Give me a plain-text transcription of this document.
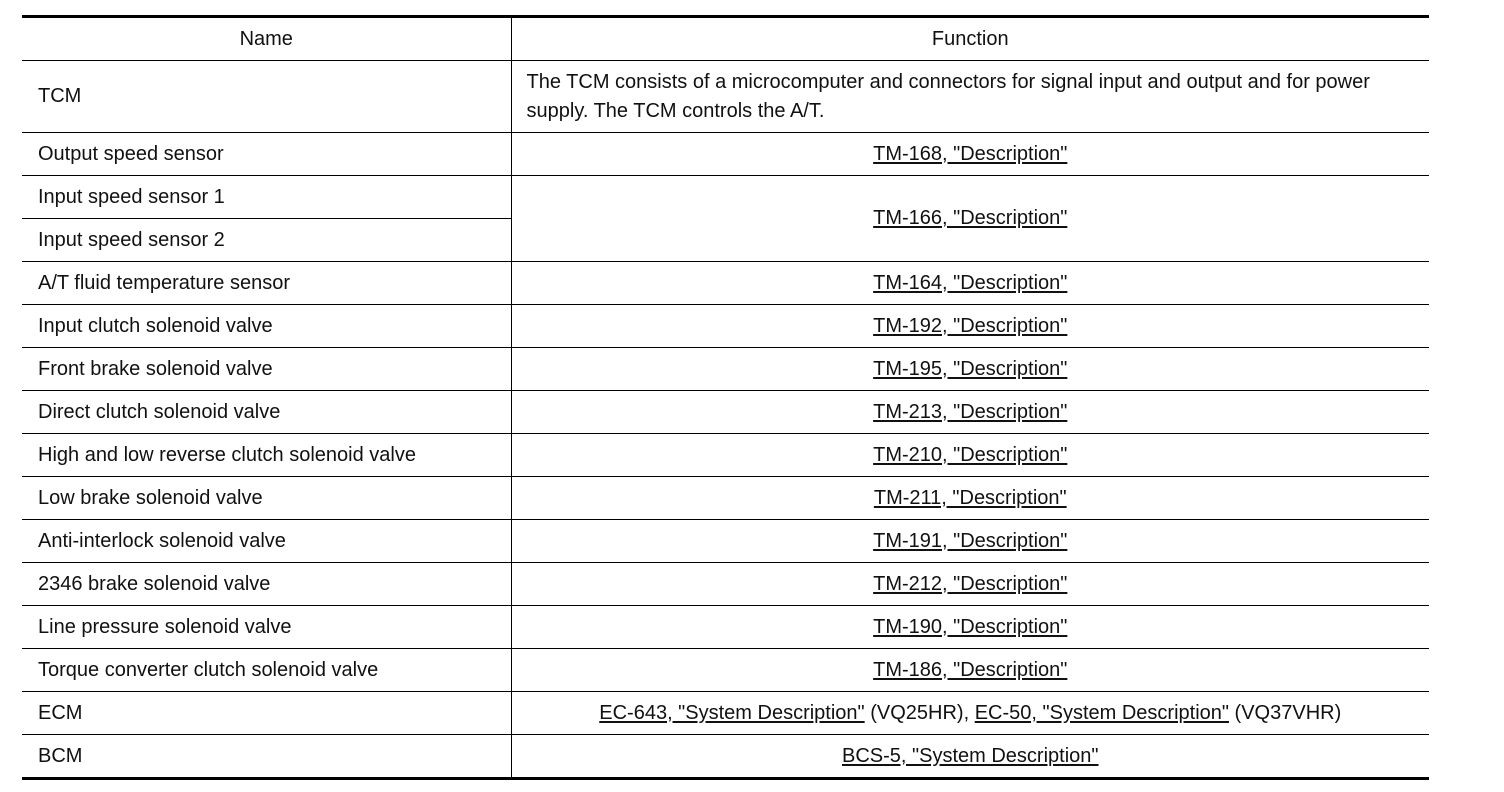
Name	Function
TCM	The TCM consists of a microcomputer and connectors for signal input and output and for power supply. The TCM controls the A/T.
Output speed sensor	TM-168, "Description"
Input speed sensor 1	TM-166, "Description"
Input speed sensor 2	
A/T fluid temperature sensor	TM-164, "Description"
Input clutch solenoid valve	TM-192, "Description"
Front brake solenoid valve	TM-195, "Description"
Direct clutch solenoid valve	TM-213, "Description"
High and low reverse clutch solenoid valve	TM-210, "Description"
Low brake solenoid valve	TM-211, "Description"
Anti-interlock solenoid valve	TM-191, "Description"
2346 brake solenoid valve	TM-212, "Description"
Line pressure solenoid valve	TM-190, "Description"
Torque converter clutch solenoid valve	TM-186, "Description"
ECM	EC-643, "System Description" (VQ25HR), EC-50, "System Description" (VQ37VHR)
BCM	BCS-5, "System Description"
